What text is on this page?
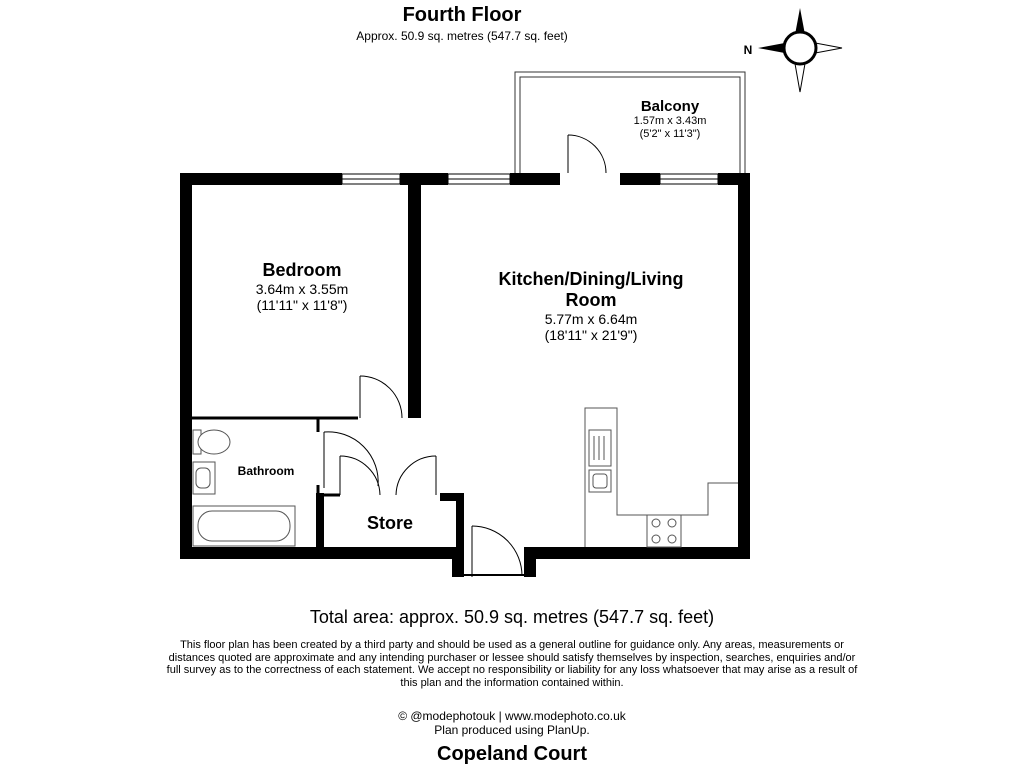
Fourth Floor
Approx. 50.9 sq. metres (547.7 sq. feet)
N
Balcony
1.57m x 3.43m
(5'2" x 11'3")
Bedroom
3.64m x 3.55m
(11'11" x 11'8")
Kitchen/Dining/Living
Room
5.77m x 6.64m
(18'11" x 21'9")
Bathroom
Store
Total area: approx. 50.9 sq. metres (547.7 sq. feet)
This floor plan has been created by a third party and should be used as a general outline for guidance only. Any areas, measurements or distances quoted are approximate and any intending purchaser or lessee should satisfy themselves by inspection, searches, enquiries and/or full survey as to the correctness of each statement. We accept no responsibility or liability for any loss whatsoever that may arise as a result of this plan and the information contained within.
© @modephotouk | www.modephoto.co.uk
Plan produced using PlanUp.
Copeland Court
